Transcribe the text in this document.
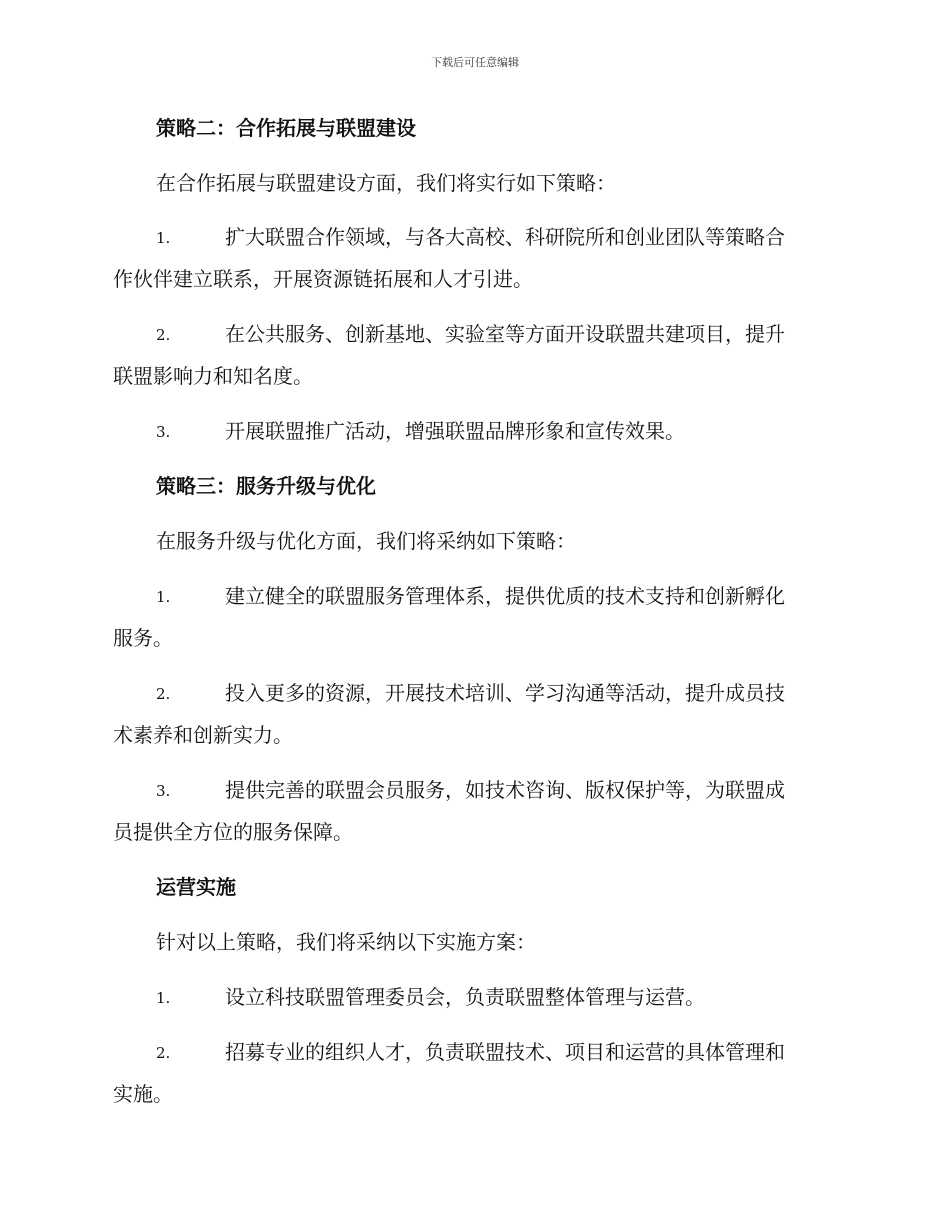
下载后可任意编辑
策略二：合作拓展与联盟建设
在合作拓展与联盟建设方面，我们将实行如下策略：
1.	扩大联盟合作领域，与各大高校、科研院所和创业团队等策略合
作伙伴建立联系，开展资源链拓展和人才引进。
2.	在公共服务、创新基地、实验室等方面开设联盟共建项目，提升
联盟影响力和知名度。
3.	开展联盟推广活动，增强联盟品牌形象和宣传效果。
策略三：服务升级与优化
在服务升级与优化方面，我们将采纳如下策略：
1.	建立健全的联盟服务管理体系，提供优质的技术支持和创新孵化
服务。
2.	投入更多的资源，开展技术培训、学习沟通等活动，提升成员技
术素养和创新实力。
3.	提供完善的联盟会员服务，如技术咨询、版权保护等，为联盟成
员提供全方位的服务保障。
运营实施
针对以上策略，我们将采纳以下实施方案：
1.	设立科技联盟管理委员会，负责联盟整体管理与运营。
2.	招募专业的组织人才，负责联盟技术、项目和运营的具体管理和
实施。
